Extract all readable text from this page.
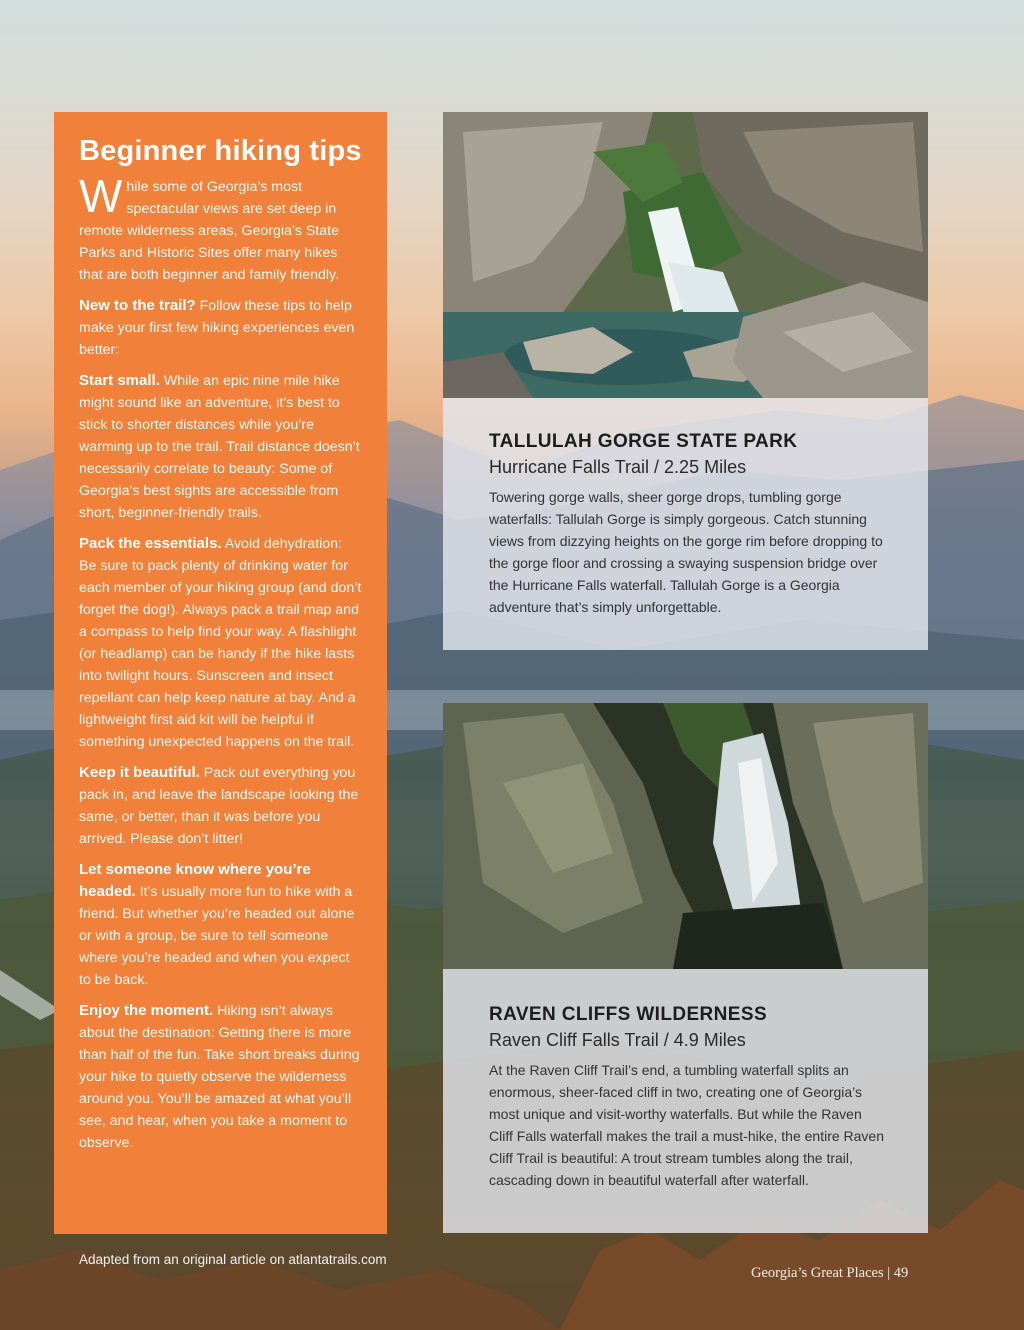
Beginner hiking tips

While some of Georgia’s most spectacular views are set deep in remote wilderness areas, Georgia’s State Parks and Historic Sites offer many hikes that are both beginner and family friendly.

New to the trail? Follow these tips to help make your first few hiking experiences even better:

Start small. While an epic nine mile hike might sound like an adventure, it’s best to stick to shorter distances while you’re warming up to the trail. Trail distance doesn’t necessarily correlate to beauty: Some of Georgia’s best sights are accessible from short, beginner-friendly trails.

Pack the essentials. Avoid dehydration: Be sure to pack plenty of drinking water for each member of your hiking group (and don’t forget the dog!). Always pack a trail map and a compass to help find your way. A flashlight (or headlamp) can be handy if the hike lasts into twilight hours. Sunscreen and insect repellant can help keep nature at bay. And a lightweight first aid kit will be helpful if something unexpected happens on the trail.

Keep it beautiful. Pack out everything you pack in, and leave the landscape looking the same, or better, than it was before you arrived. Please don’t litter!

Let someone know where you’re headed. It’s usually more fun to hike with a friend. But whether you’re headed out alone or with a group, be sure to tell someone where you’re headed and when you expect to be back.

Enjoy the moment. Hiking isn’t always about the destination: Getting there is more than half of the fun. Take short breaks during your hike to quietly observe the wilderness around you. You’ll be amazed at what you’ll see, and hear, when you take a moment to observe.

TALLULAH GORGE STATE PARK
Hurricane Falls Trail / 2.25 Miles
Towering gorge walls, sheer gorge drops, tumbling gorge waterfalls: Tallulah Gorge is simply gorgeous. Catch stunning views from dizzying heights on the gorge rim before dropping to the gorge floor and crossing a swaying suspension bridge over the Hurricane Falls waterfall. Tallulah Gorge is a Georgia adventure that’s simply unforgettable.
RAVEN CLIFFS WILDERNESS
Raven Cliff Falls Trail / 4.9 Miles
At the Raven Cliff Trail’s end, a tumbling waterfall splits an enormous, sheer-faced cliff in two, creating one of Georgia’s most unique and visit-worthy waterfalls. But while the Raven Cliff Falls waterfall makes the trail a must-hike, the entire Raven Cliff Trail is beautiful: A trout stream tumbles along the trail, cascading down in beautiful waterfall after waterfall.
Adapted from an original article on atlantatrails.com
Georgia’s Great Places | 49
